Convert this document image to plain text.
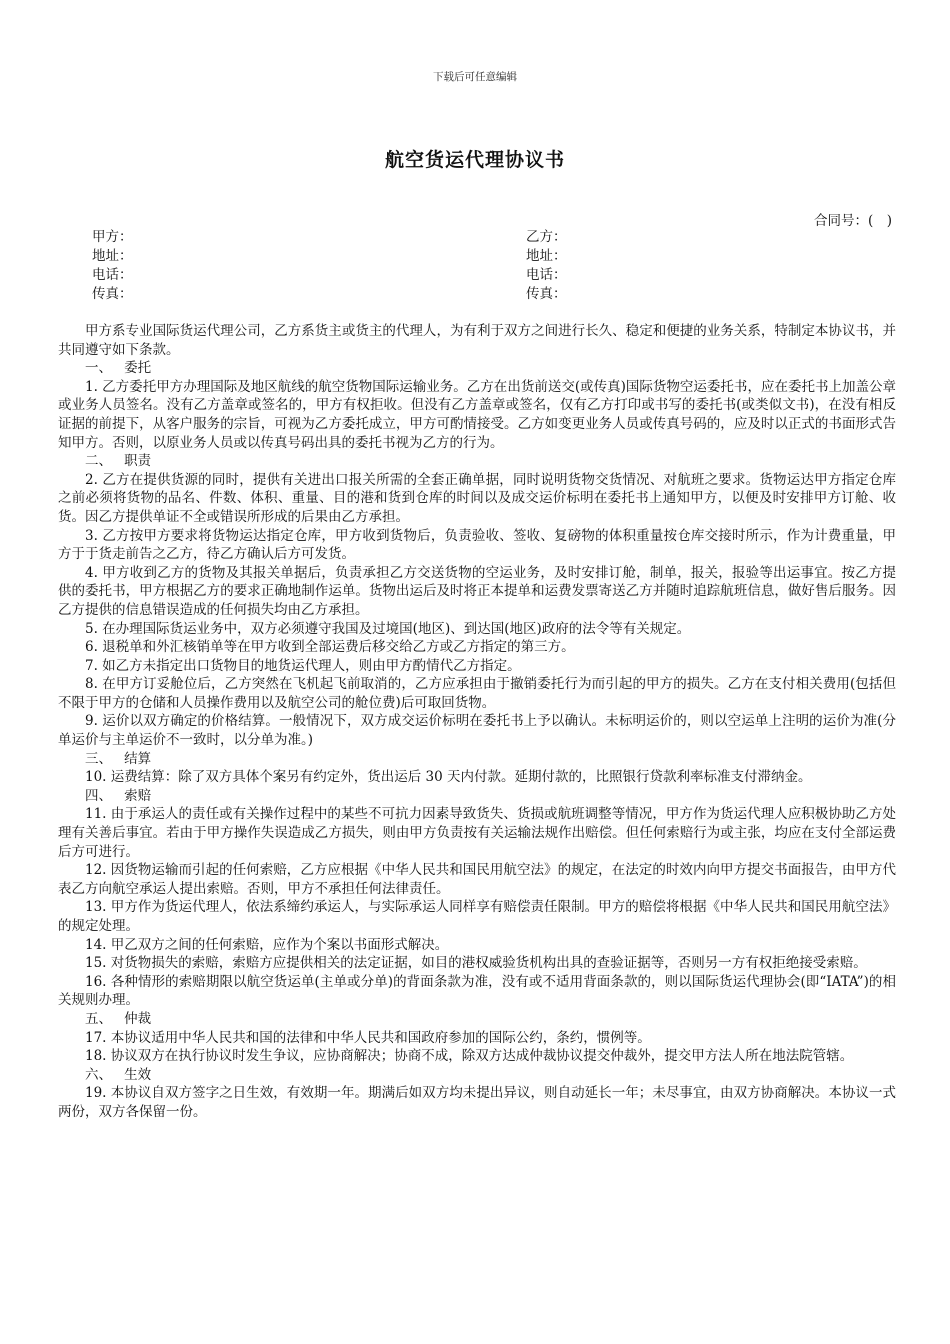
下载后可任意编辑
航空货运代理协议书
合同号：(　)
甲方：
地址：
电话：
传真：
乙方：
地址：
电话：
传真：

甲方系专业国际货运代理公司，乙方系货主或货主的代理人，为有利于双方之间进行长久、稳定和便捷的业务关系，特制定本协议书，并共同遵守如下条款。

一、 委托

1. 乙方委托甲方办理国际及地区航线的航空货物国际运输业务。乙方在出货前送交(或传真)国际货物空运委托书，应在委托书上加盖公章或业务人员签名。没有乙方盖章或签名的，甲方有权拒收。但没有乙方盖章或签名，仅有乙方打印或书写的委托书(或类似文书)，在没有相反证据的前提下，从客户服务的宗旨，可视为乙方委托成立，甲方可酌情接受。乙方如变更业务人员或传真号码的，应及时以正式的书面形式告知甲方。否则，以原业务人员或以传真号码出具的委托书视为乙方的行为。

二、 职责

2. 乙方在提供货源的同时，提供有关进出口报关所需的全套正确单据，同时说明货物交货情况、对航班之要求。货物运达甲方指定仓库之前必须将货物的品名、件数、体积、重量、目的港和货到仓库的时间以及成交运价标明在委托书上通知甲方，以便及时安排甲方订舱、收货。因乙方提供单证不全或错误所形成的后果由乙方承担。

3. 乙方按甲方要求将货物运达指定仓库，甲方收到货物后，负责验收、签收、复磅物的体积重量按仓库交接时所示，作为计费重量，甲方于于货走前告之乙方，待乙方确认后方可发货。

4. 甲方收到乙方的货物及其报关单据后，负责承担乙方交送货物的空运业务，及时安排订舱，制单，报关，报验等出运事宜。按乙方提供的委托书，甲方根据乙方的要求正确地制作运单。货物出运后及时将正本提单和运费发票寄送乙方并随时追踪航班信息，做好售后服务。因乙方提供的信息错误造成的任何损失均由乙方承担。

5. 在办理国际货运业务中，双方必须遵守我国及过境国(地区)、到达国(地区)政府的法令等有关规定。

6. 退税单和外汇核销单等在甲方收到全部运费后移交给乙方或乙方指定的第三方。

7. 如乙方未指定出口货物目的地货运代理人，则由甲方酌情代乙方指定。

8. 在甲方订妥舱位后，乙方突然在飞机起飞前取消的，乙方应承担由于撤销委托行为而引起的甲方的损失。乙方在支付相关费用(包括但不限于甲方的仓储和人员操作费用以及航空公司的舱位费)后可取回货物。

9. 运价以双方确定的价格结算。一般情况下，双方成交运价标明在委托书上予以确认。未标明运价的，则以空运单上注明的运价为准(分单运价与主单运价不一致时，以分单为准。)

三、 结算

10. 运费结算：除了双方具体个案另有约定外，货出运后 30 天内付款。延期付款的，比照银行贷款利率标准支付滞纳金。

四、 索赔

11. 由于承运人的责任或有关操作过程中的某些不可抗力因素导致货失、货损或航班调整等情况，甲方作为货运代理人应积极协助乙方处理有关善后事宜。若由于甲方操作失误造成乙方损失，则由甲方负责按有关运输法规作出赔偿。但任何索赔行为或主张，均应在支付全部运费后方可进行。

12. 因货物运输而引起的任何索赔，乙方应根据《中华人民共和国民用航空法》的规定，在法定的时效内向甲方提交书面报告，由甲方代表乙方向航空承运人提出索赔。否则，甲方不承担任何法律责任。

13. 甲方作为货运代理人，依法系缔约承运人，与实际承运人同样享有赔偿责任限制。甲方的赔偿将根据《中华人民共和国民用航空法》的规定处理。

14. 甲乙双方之间的任何索赔，应作为个案以书面形式解决。

15. 对货物损失的索赔，索赔方应提供相关的法定证据，如目的港权威验货机构出具的查验证据等，否则另一方有权拒绝接受索赔。

16. 各种情形的索赔期限以航空货运单(主单或分单)的背面条款为准，没有或不适用背面条款的，则以国际货运代理协会(即“IATA”)的相关规则办理。

五、 仲裁

17. 本协议适用中华人民共和国的法律和中华人民共和国政府参加的国际公约，条约，惯例等。

18. 协议双方在执行协议时发生争议，应协商解决；协商不成，除双方达成仲裁协议提交仲裁外，提交甲方法人所在地法院管辖。

六、 生效

19. 本协议自双方签字之日生效，有效期一年。期满后如双方均未提出异议，则自动延长一年；未尽事宜，由双方协商解决。本协议一式两份，双方各保留一份。
